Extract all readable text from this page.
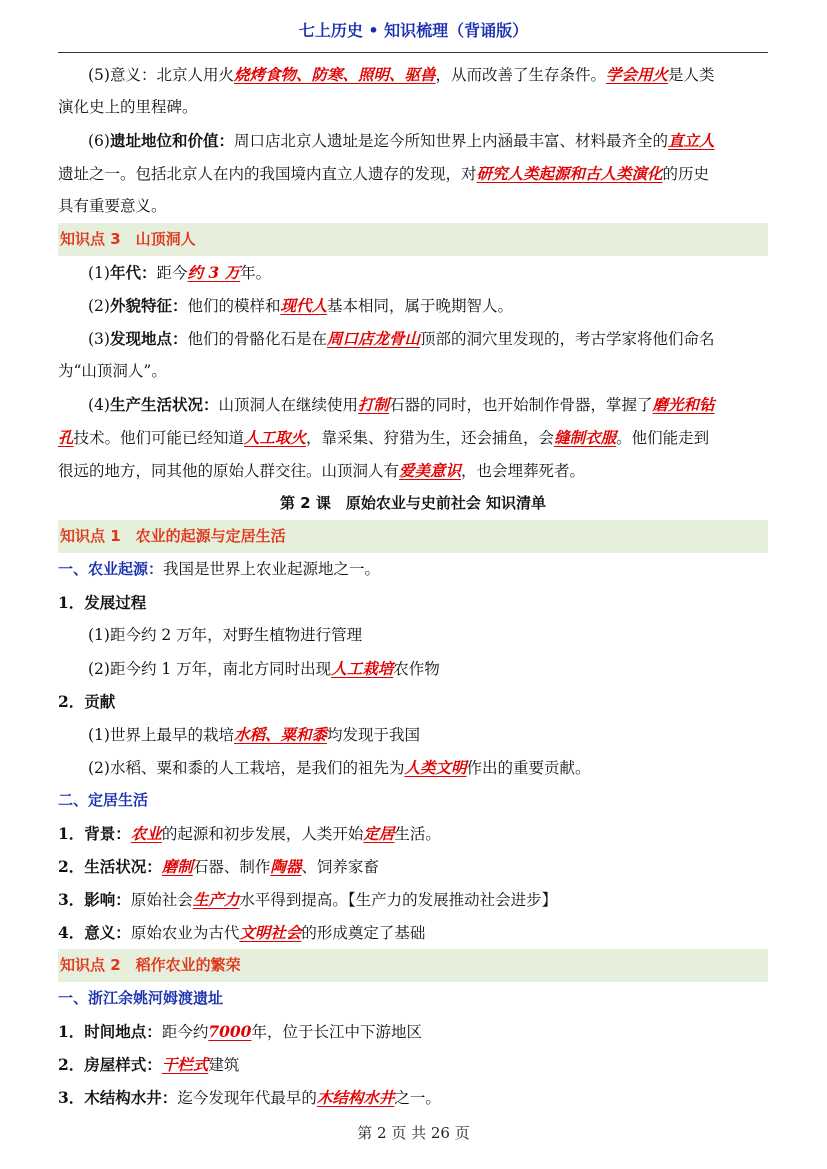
七上历史 • 知识梳理（背诵版）
(5)意义：北京人用火烧烤食物、防寒、照明、驱兽，从而改善了生存条件。学会用火是人类
演化史上的里程碑。
(6)遗址地位和价值：周口店北京人遗址是迄今所知世界上内涵最丰富、材料最齐全的直立人
遗址之一。包括北京人在内的我国境内直立人遗存的发现，对研究人类起源和古人类演化的历史
具有重要意义。
知识点 3　山顶洞人
(1)年代：距今约 3 万年。
(2)外貌特征：他们的模样和现代人基本相同，属于晚期智人。
(3)发现地点：他们的骨骼化石是在周口店龙骨山顶部的洞穴里发现的，考古学家将他们命名
为“山顶洞人”。
(4)生产生活状况：山顶洞人在继续使用打制石器的同时，也开始制作骨器，掌握了磨光和钻
孔技术。他们可能已经知道人工取火，靠采集、狩猎为生，还会捕鱼，会缝制衣服。他们能走到
很远的地方，同其他的原始人群交往。山顶洞人有爱美意识，也会埋葬死者。
第 2 课　原始农业与史前社会 知识清单
知识点 1　农业的起源与定居生活
一、农业起源：我国是世界上农业起源地之一。
1．发展过程
(1)距今约 2 万年，对野生植物进行管理
(2)距今约 1 万年，南北方同时出现人工栽培农作物
2．贡献
(1)世界上最早的栽培水稻、粟和黍均发现于我国
(2)水稻、粟和黍的人工栽培，是我们的祖先为人类文明作出的重要贡献。
二、定居生活
1．背景：农业的起源和初步发展，人类开始定居生活。
2．生活状况：磨制石器、制作陶器、饲养家畜
3．影响：原始社会生产力水平得到提高。【生产力的发展推动社会进步】
4．意义：原始农业为古代文明社会的形成奠定了基础
知识点 2　稻作农业的繁荣
一、浙江余姚河姆渡遗址
1．时间地点：距今约7000年，位于长江中下游地区
2．房屋样式：干栏式建筑
3．木结构水井：迄今发现年代最早的木结构水井之一。
第 2 页 共 26 页
